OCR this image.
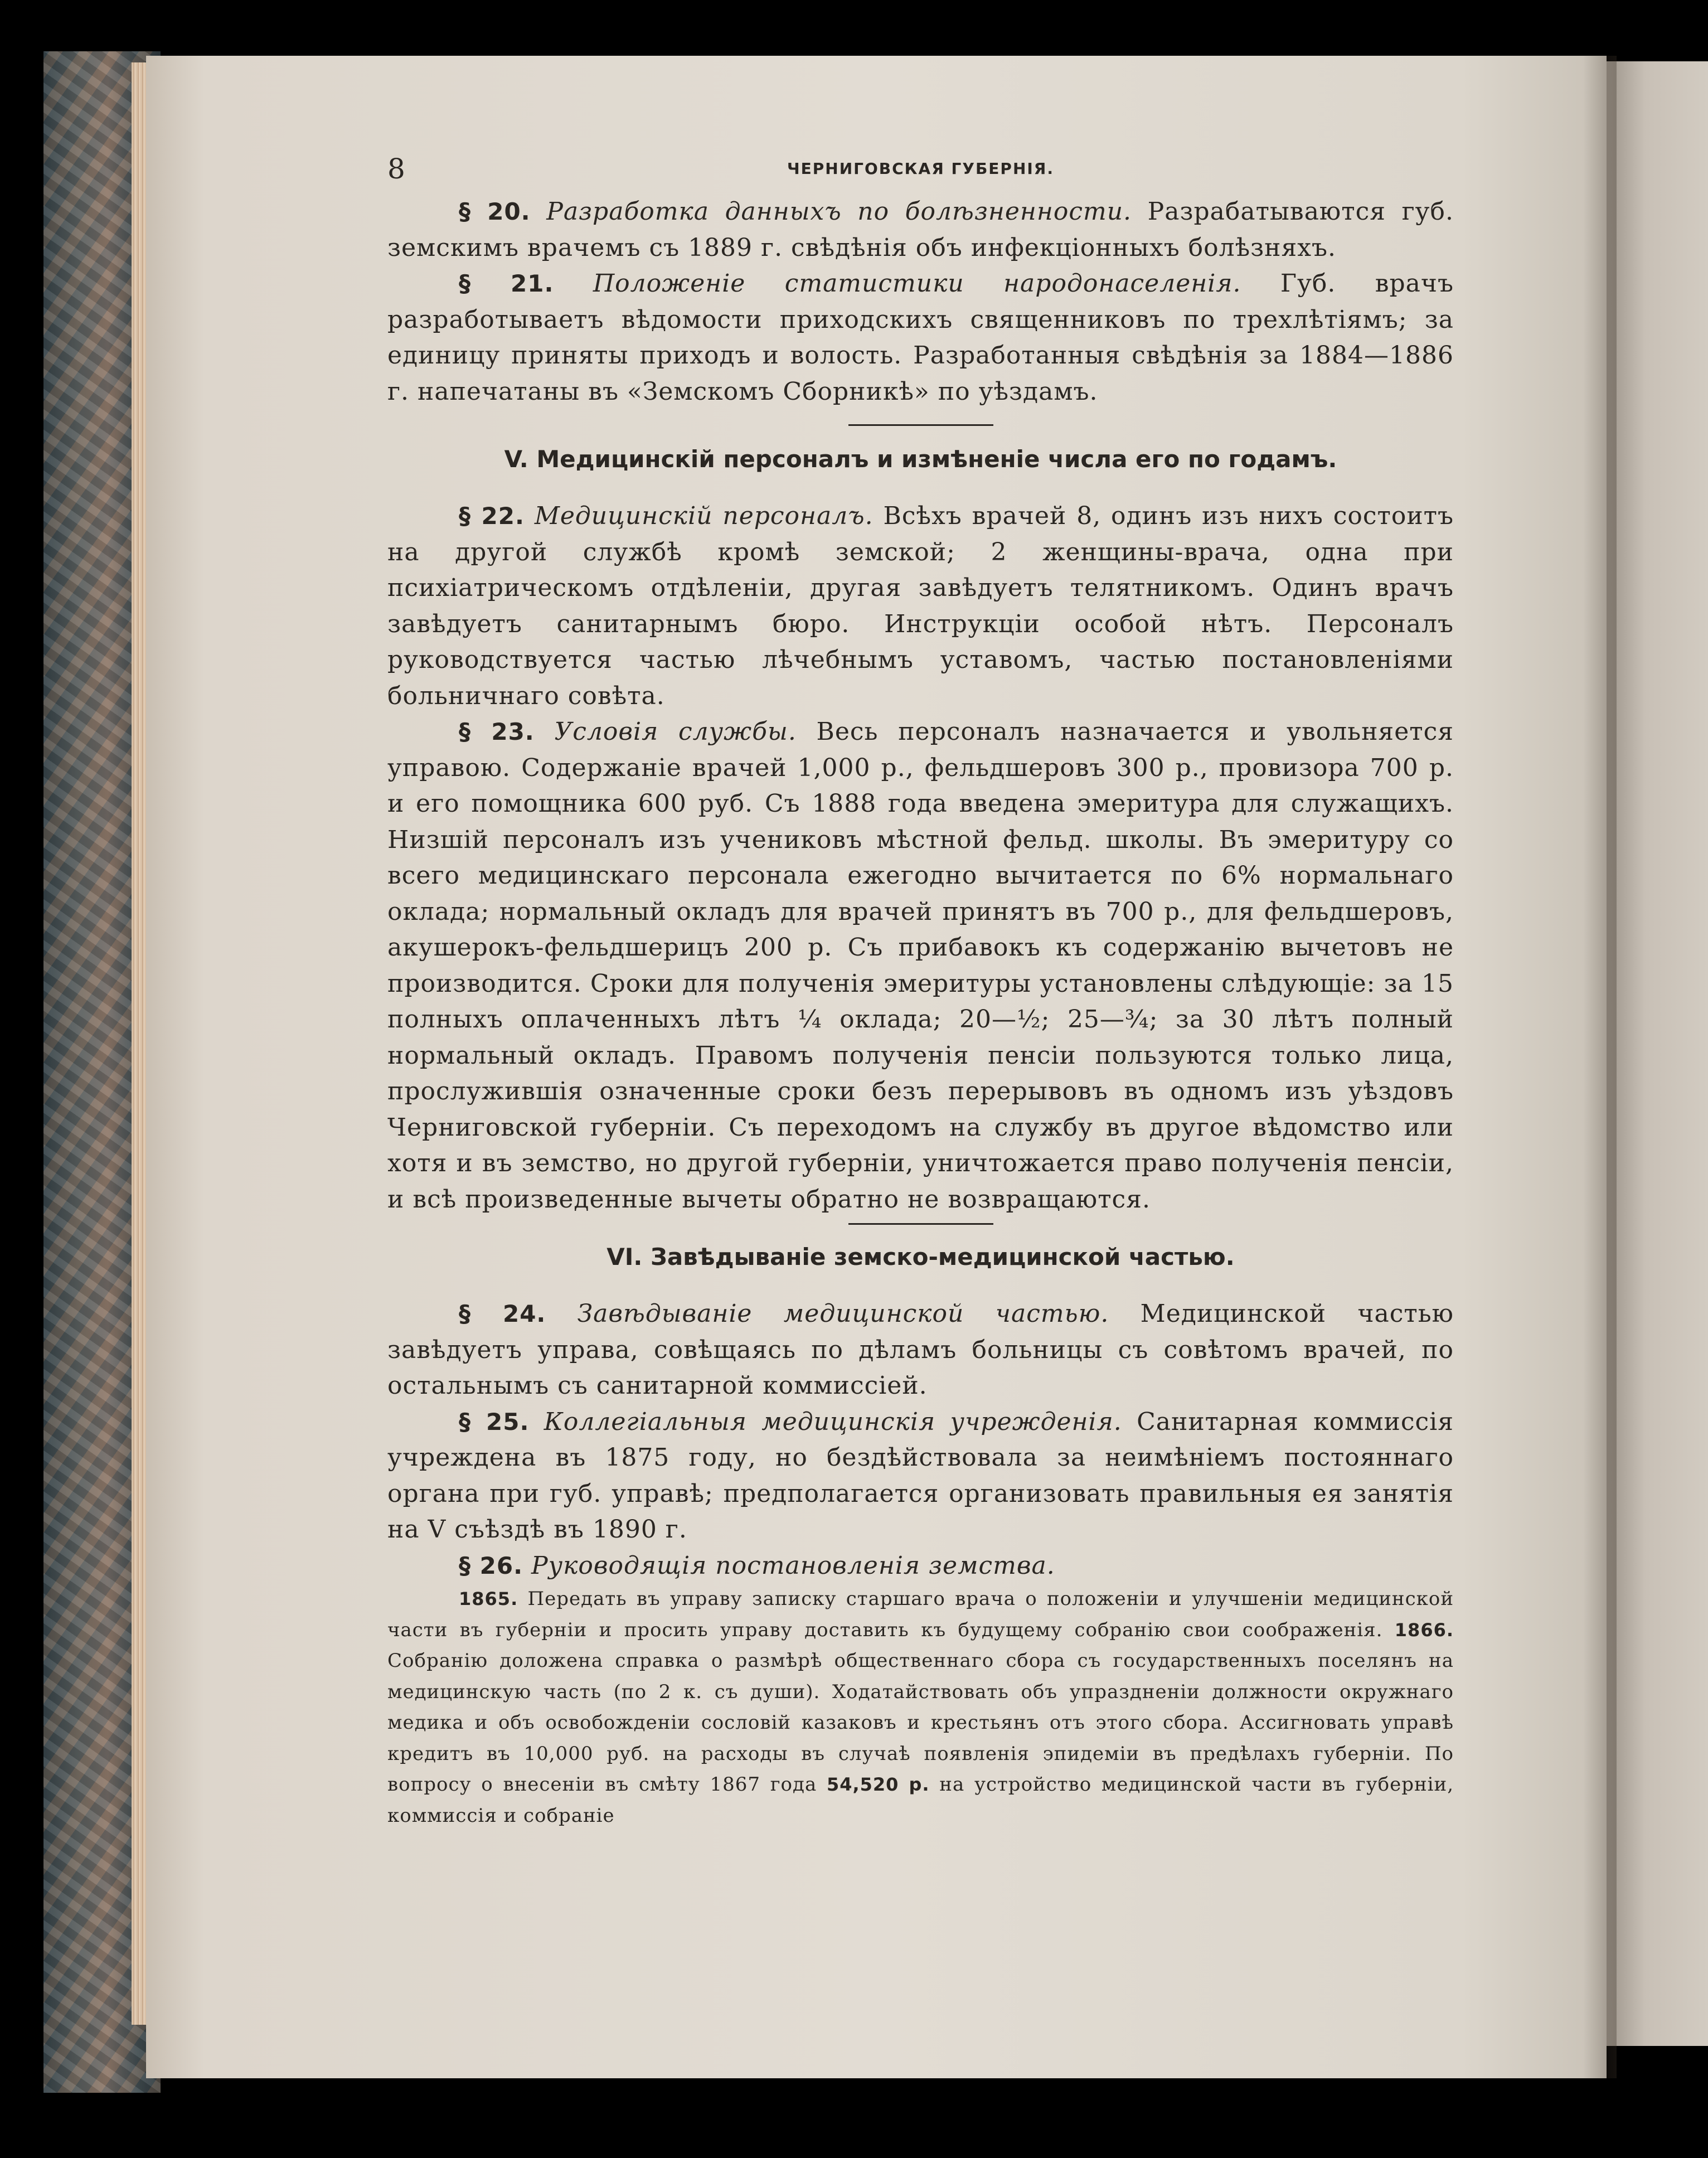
8	ЧЕРНИГОВСКАЯ ГУБЕРНІЯ.

§ 20. Разработка данныхъ по болѣзненности. Разрабатываются губ. земскимъ врачемъ съ 1889 г. свѣдѣнія объ инфекціонныхъ болѣзняхъ.

§ 21. Положеніе статистики народонаселенія. Губ. врачъ разработываетъ вѣдомости приходскихъ священниковъ по трехлѣтіямъ; за единицу приняты приходъ и волость. Разработанныя свѣдѣнія за 1884—1886 г. напечатаны въ «Земскомъ Сборникѣ» по уѣздамъ.

V. Медицинскій персоналъ и измѣненіе числа его по годамъ.

§ 22. Медицинскій персоналъ. Всѣхъ врачей 8, одинъ изъ нихъ состоитъ на другой службѣ кромѣ земской; 2 женщины-врача, одна при психіатрическомъ отдѣленіи, другая завѣдуетъ телятникомъ. Одинъ врачъ завѣдуетъ санитарнымъ бюро. Инструкціи особой нѣтъ. Персоналъ руководствуется частью лѣчебнымъ уставомъ, частью постановленіями больничнаго совѣта.

§ 23. Условія службы. Весь персоналъ назначается и увольняется управою. Содержаніе врачей 1,000 р., фельдшеровъ 300 р., провизора 700 р. и его помощника 600 руб. Съ 1888 года введена эмеритура для служащихъ. Низшій персоналъ изъ учениковъ мѣстной фельд. школы. Въ эмеритуру со всего медицинскаго персонала ежегодно вычитается по 6% нормальнаго оклада; нормальный окладъ для врачей принятъ въ 700 р., для фельдшеровъ, акушерокъ-фельдшерицъ 200 р. Съ прибавокъ къ содержанію вычетовъ не производится. Сроки для полученія эмеритуры установлены слѣдующіе: за 15 полныхъ оплаченныхъ лѣтъ ¼ оклада; 20—½; 25—¾; за 30 лѣтъ полный нормальный окладъ. Правомъ полученія пенсіи пользуются только лица, прослужившія означенные сроки безъ перерывовъ въ одномъ изъ уѣздовъ Черниговской губерніи. Съ переходомъ на службу въ другое вѣдомство или хотя и въ земство, но другой губерніи, уничтожается право полученія пенсіи, и всѣ произведенные вычеты обратно не возвращаются.

VI. Завѣдываніе земско-медицинской частью.

§ 24. Завѣдываніе медицинской частью. Медицинской частью завѣдуетъ управа, совѣщаясь по дѣламъ больницы съ совѣтомъ врачей, по остальнымъ съ санитарной коммиссіей.

§ 25. Коллегіальныя медицинскія учрежденія. Санитарная коммиссія учреждена въ 1875 году, но бездѣйствовала за неимѣніемъ постояннаго органа при губ. управѣ; предполагается организовать правильныя ея занятія на V съѣздѣ въ 1890 г.

§ 26. Руководящія постановленія земства.

1865. Передать въ управу записку старшаго врача о положеніи и улучшеніи медицинской части въ губерніи и просить управу доставить къ будущему собранію свои соображенія. 1866. Собранію доложена справка о размѣрѣ общественнаго сбора съ государственныхъ поселянъ на медицинскую часть (по 2 к. съ души). Ходатайствовать объ упраздненіи должности окружнаго медика и объ освобожденіи сословій казаковъ и крестьянъ отъ этого сбора. Ассигновать управѣ кредитъ въ 10,000 руб. на расходы въ случаѣ появленія эпидеміи въ предѣлахъ губерніи. По вопросу о внесеніи въ смѣту 1867 года 54,520 р. на устройство медицинской части въ губерніи, коммиссія и собраніе
